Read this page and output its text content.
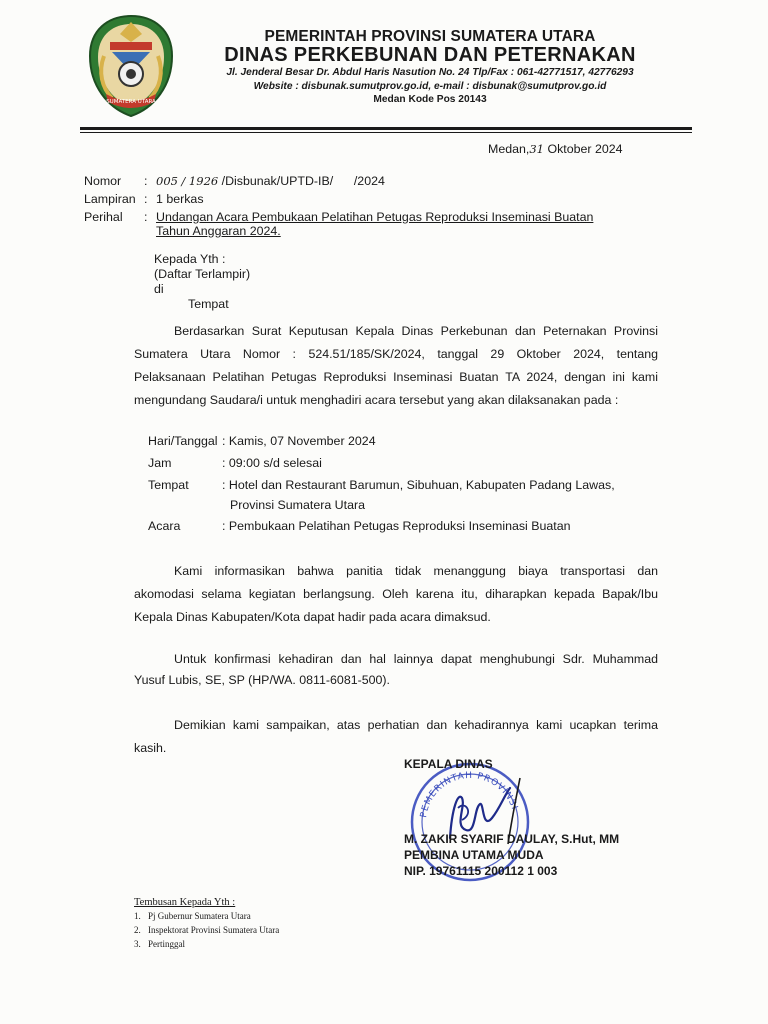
SUMATERA UTARA
PEMERINTAH PROVINSI SUMATERA UTARA
DINAS PERKEBUNAN DAN PETERNAKAN
Jl. Jenderal Besar Dr. Abdul Haris Nasution No. 24 Tlp/Fax : 061-42771517, 42776293
Website : disbunak.sumutprov.go.id, e-mail : disbunak@sumutprov.go.id
Medan Kode Pos 20143
Medan,31 Oktober 2024
Nomor : 005 / 1926 /Disbunak/UPTD-IB/ /2024
Lampiran : 1 berkas
Perihal : Undangan Acara Pembukaan Pelatihan Petugas Reproduksi Inseminasi Buatan
Tahun Anggaran 2024.
Kepada Yth :
(Daftar Terlampir)
di
Tempat
Berdasarkan Surat Keputusan Kepala Dinas Perkebunan dan Peternakan Provinsi
Sumatera Utara Nomor : 524.51/185/SK/2024, tanggal 29 Oktober 2024, tentang
Pelaksanaan Pelatihan Petugas Reproduksi Inseminasi Buatan TA 2024, dengan ini kami
mengundang Saudara/i untuk menghadiri acara tersebut yang akan dilaksanakan pada :
Hari/Tanggal : Kamis, 07 November 2024
Jam	: 09:00 s/d selesai
Tempat	: Hotel dan Restaurant Barumun, Sibuhuan, Kabupaten Padang Lawas,
Provinsi Sumatera Utara
Acara	: Pembukaan Pelatihan Petugas Reproduksi Inseminasi Buatan
Kami informasikan bahwa panitia tidak menanggung biaya transportasi dan
akomodasi selama kegiatan berlangsung. Oleh karena itu, diharapkan kepada Bapak/Ibu
Kepala Dinas Kabupaten/Kota dapat hadir pada acara dimaksud.
Untuk konfirmasi kehadiran dan hal lainnya dapat menghubungi Sdr. Muhammad
Yusuf Lubis, SE, SP (HP/WA. 0811-6081-500).
Demikian kami sampaikan, atas perhatian dan kehadirannya kami ucapkan terima
kasih.
PEMERINTAH PROVINSI
KEPALA DINAS
M. ZAKIR SYARIF DAULAY, S.Hut, MM
PEMBINA UTAMA MUDA
NIP. 19761115 200112 1 003
Tembusan Kepada Yth :
1. Pj Gubernur Sumatera Utara
2. Inspektorat Provinsi Sumatera Utara
3. Pertinggal
